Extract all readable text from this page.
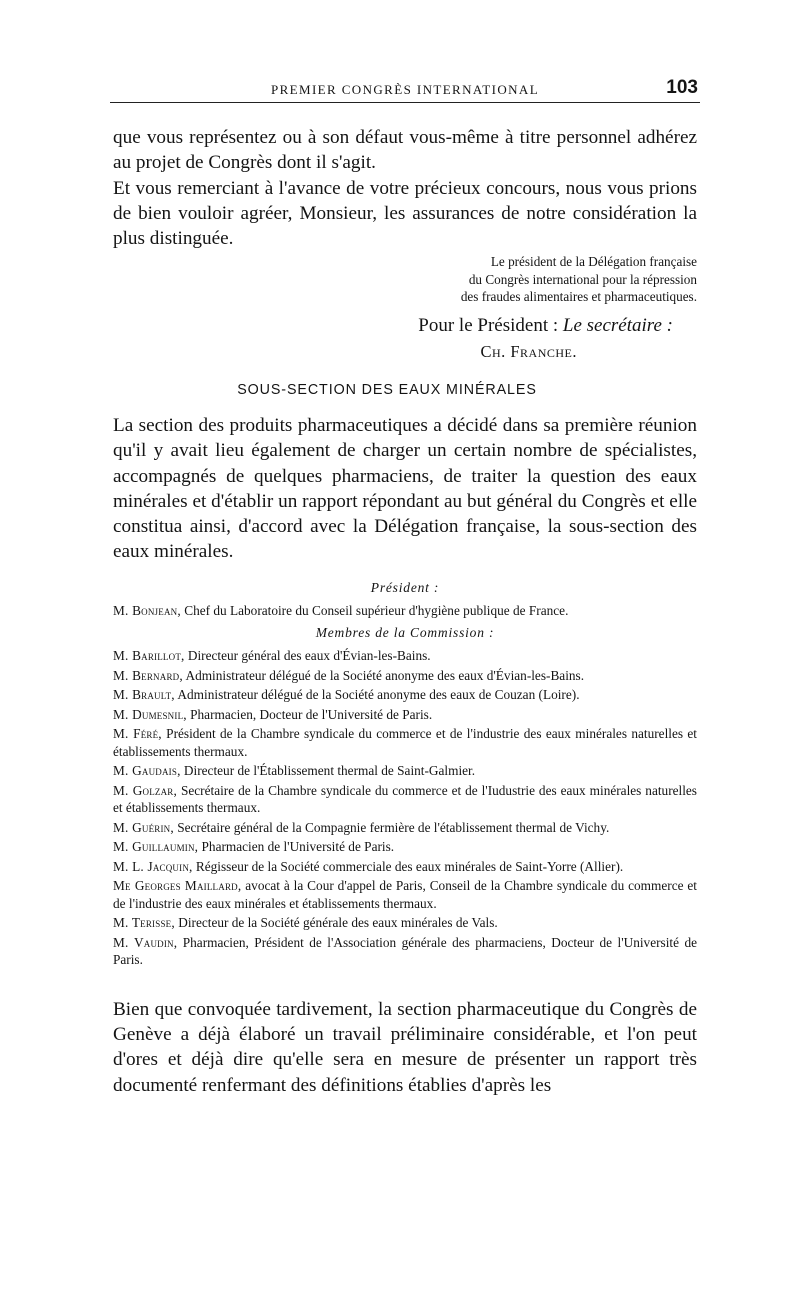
PREMIER CONGRÈS INTERNATIONAL	103

que vous représentez ou à son défaut vous-même à titre personnel adhérez au projet de Congrès dont il s'agit.

Et vous remerciant à l'avance de votre précieux concours, nous vous prions de bien vouloir agréer, Monsieur, les assurances de notre considération la plus distinguée.

Le président de la Délégation française
du Congrès international pour la répression
des fraudes alimentaires et pharmaceutiques.
Pour le Président : Le secrétaire :
Ch. Franche.
SOUS-SECTION DES EAUX MINÉRALES

La section des produits pharmaceutiques a décidé dans sa première réunion qu'il y avait lieu également de charger un certain nombre de spécialistes, accompagnés de quelques pharmaciens, de traiter la question des eaux minérales et d'établir un rapport répondant au but général du Congrès et elle constitua ainsi, d'accord avec la Délégation française, la sous-section des eaux minérales.

Président :

M. Bonjean, Chef du Laboratoire du Conseil supérieur d'hygiène publique de France.

Membres de la Commission :

M. Barillot, Directeur général des eaux d'Évian-les-Bains.

M. Bernard, Administrateur délégué de la Société anonyme des eaux d'Évian-les-Bains.

M. Brault, Administrateur délégué de la Société anonyme des eaux de Couzan (Loire).

M. Dumesnil, Pharmacien, Docteur de l'Université de Paris.

M. Féré, Président de la Chambre syndicale du commerce et de l'industrie des eaux minérales naturelles et établissements thermaux.

M. Gaudais, Directeur de l'Établissement thermal de Saint-Galmier.

M. Golzar, Secrétaire de la Chambre syndicale du commerce et de l'Iudustrie des eaux minérales naturelles et établissements thermaux.

M. Guérin, Secrétaire général de la Compagnie fermière de l'établissement thermal de Vichy.

M. Guillaumin, Pharmacien de l'Université de Paris.

M. L. Jacquin, Régisseur de la Société commerciale des eaux minérales de Saint-Yorre (Allier).

Me Georges Maillard, avocat à la Cour d'appel de Paris, Conseil de la Chambre syndicale du commerce et de l'industrie des eaux minérales et établissements thermaux.

M. Terisse, Directeur de la Société générale des eaux minérales de Vals.

M. Vaudin, Pharmacien, Président de l'Association générale des pharmaciens, Docteur de l'Université de Paris.

Bien que convoquée tardivement, la section pharmaceutique du Congrès de Genève a déjà élaboré un travail préliminaire considérable, et l'on peut d'ores et déjà dire qu'elle sera en mesure de présenter un rapport très documenté renfermant des définitions établies d'après les
